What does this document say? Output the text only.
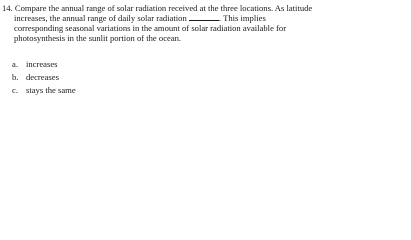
14. Compare the annual range of solar radiation received at the three locations. As latitude
increases, the annual range of daily solar radiation	. This implies
corresponding seasonal variations in the amount of solar radiation available for
photosynthesis in the sunlit portion of the ocean.
a. increases
b. decreases
c. stays the same
